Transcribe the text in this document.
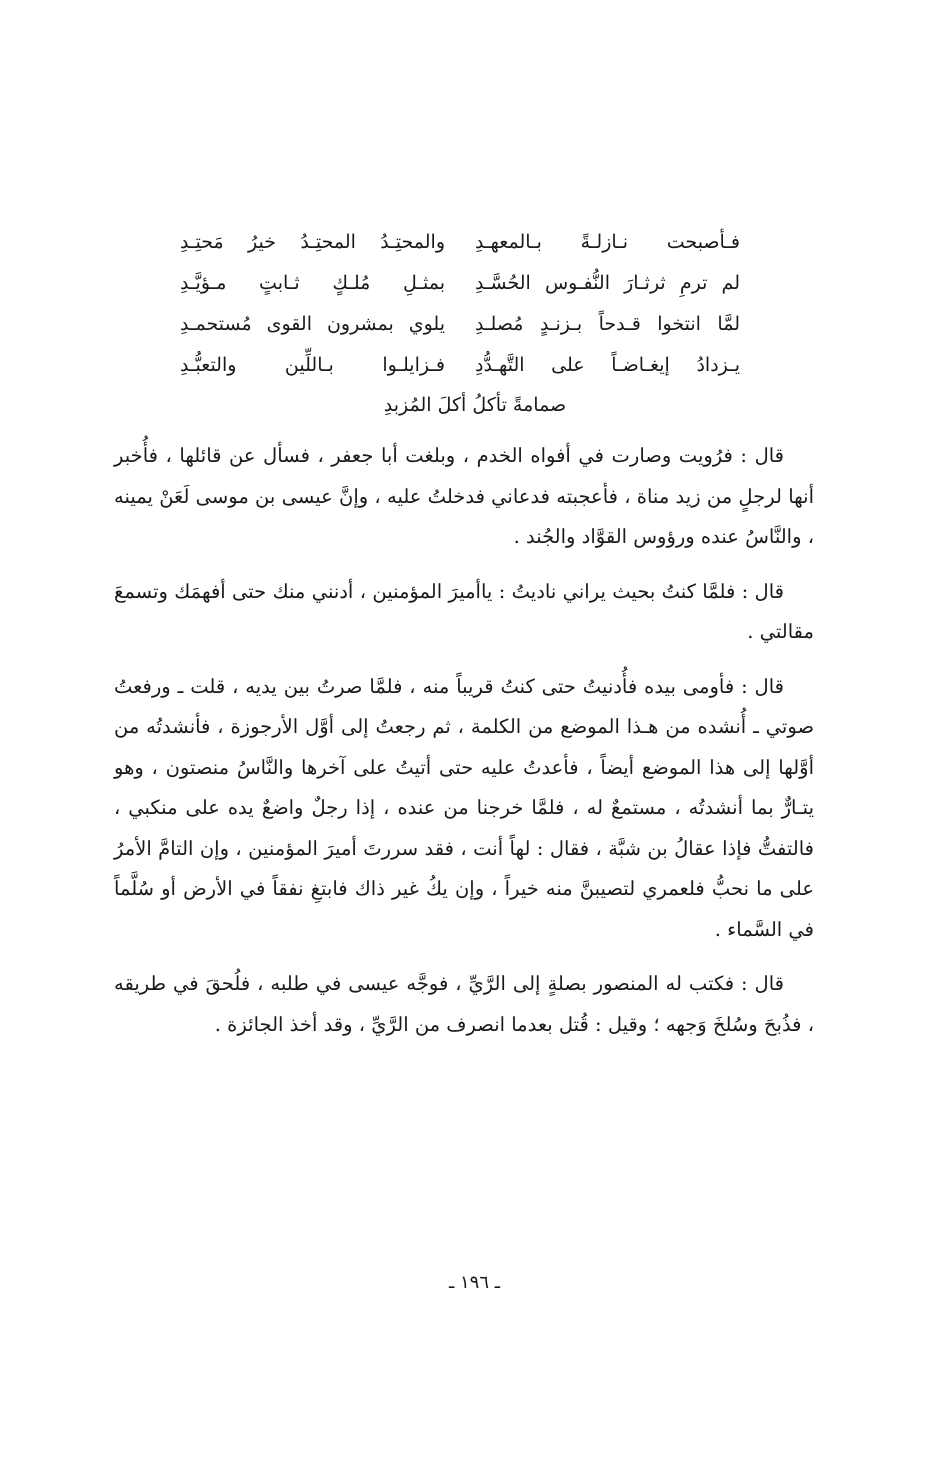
فـأصبحت نـازلـةً بـالمعهـدِ
والمحتِـدُ المحتِـدُ خيرُ مَحتِـدِ
لم ترمِ ثرثـارَ النُّفـوس الحُسَّـدِ
بمثـلِ مُلـكٍ ثـابتٍ مـؤيَّـدِ
لمَّا انتخوا قـدحاً بـزنـدٍ مُصلـدِ
يلوي بمشرون القوى مُستحمـدِ
يـزدادُ إيغـاضـاً على التَّهـدُّدِ
فـزايلـوا بـاللِّين والتعبُّـدِ
صمامةً تأكلُ أكلَ المُزبدِ

قال : فرُويت وصارت في أفواه الخدم ، وبلغت أبا جعفر ، فسأل عن قائلها ، فأُخبر أنها لرجلٍ من زيد مناة ، فأعجبته فدعاني فدخلتُ عليه ، وإنَّ عيسى بن موسى لَعَنْ يمينه ، والنَّاسُ عنده ورؤوس القوَّاد والجُند .

قال : فلمَّا كنتُ بحيث يراني ناديتُ : ياأميرَ المؤمنين ، أدنني منك حتى أفهمَك وتسمعَ مقالتي .

قال : فأومى بيده فأُدنيتُ حتى كنتُ قريباً منه ، فلمَّا صرتُ بين يديه ، قلت ـ ورفعتُ صوتي ـ أُنشده من هـذا الموضع من الكلمة ، ثم رجعتُ إلى أوَّل الأرجوزة ، فأنشدتُه من أوَّلها إلى هذا الموضع أيضاً ، فأعدتُ عليه حتى أتيتُ على آخرها والنَّاسُ منصتون ، وهو يتـارٌّ بما أنشدتُه ، مستمعٌ له ، فلمَّا خرجنا من عنده ، إذا رجلٌ واضعٌ يده على منكبي ، فالتفتُّ فإذا عقالُ بن شبَّة ، فقال : لهاً أنت ، فقد سررتَ أميرَ المؤمنين ، وإن التامَّ الأمرُ على ما نحبُّ فلعمري لتصيبنَّ منه خيراً ، وإن يكُ غير ذاك فابتغِ نفقاً في الأرض أو سُلَّماً في السَّماء .

قال : فكتب له المنصور بصلةٍ إلى الرَّيِّ ، فوجَّه عيسى في طلبه ، فلُحقَ في طريقه ، فذُبحَ وسُلخَ وَجهه ؛ وقيل : قُتل بعدما انصرف من الرَّيِّ ، وقد أخذ الجائزة .

ـ ١٩٦ ـ
